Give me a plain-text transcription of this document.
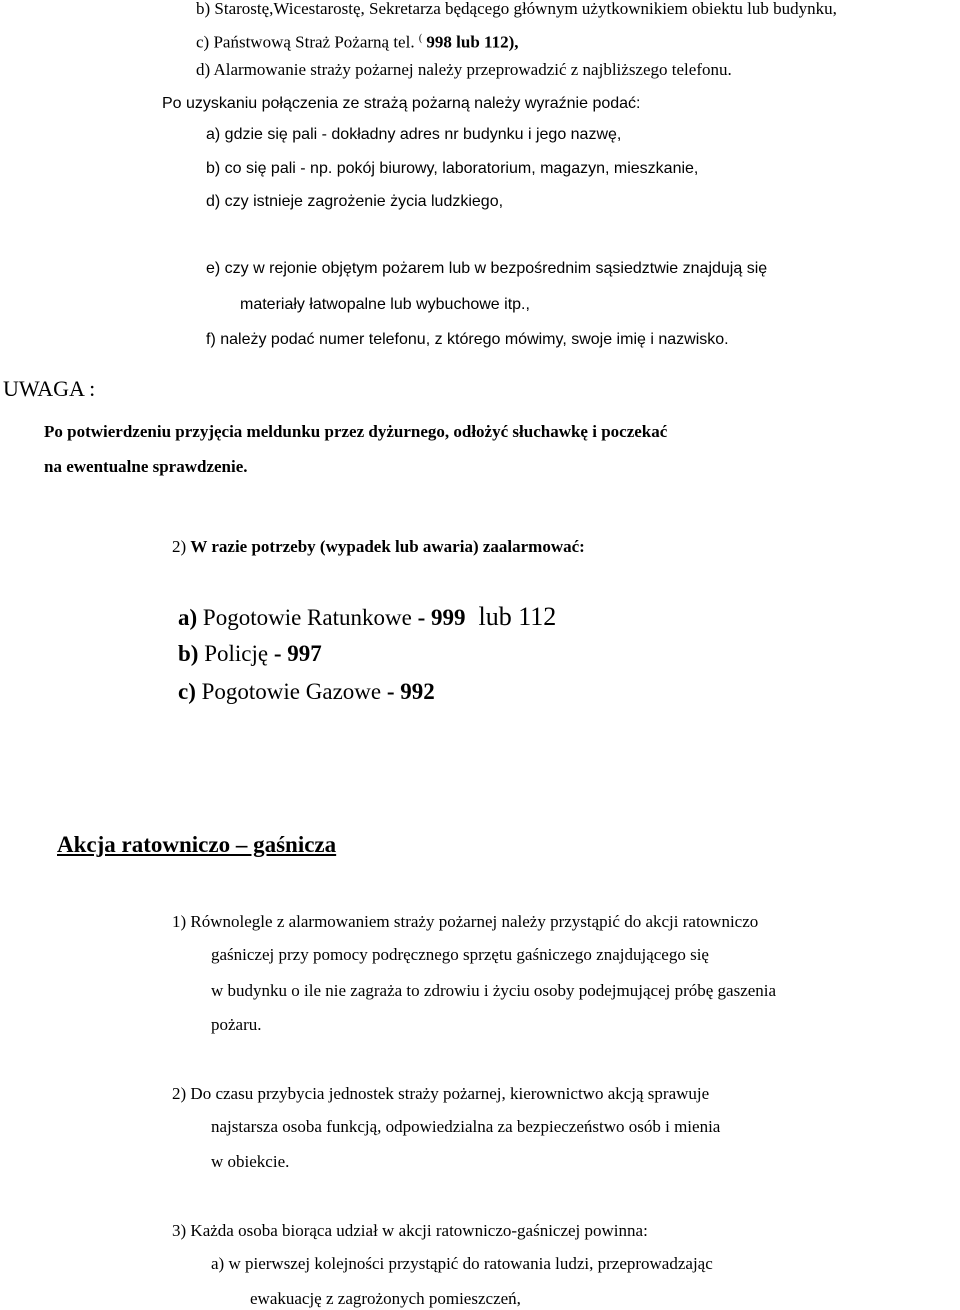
b) Starostę,Wicestarostę, Sekretarza będącego głównym użytkownikiem obiektu lub budynku,
c) Państwową Straż Pożarną tel. ( 998 lub 112),
d) Alarmowanie straży pożarnej należy przeprowadzić z najbliższego telefonu.
Po uzyskaniu połączenia ze strażą pożarną należy wyraźnie podać:
a) gdzie się pali - dokładny adres nr budynku i jego nazwę,
b) co się pali - np. pokój biurowy, laboratorium, magazyn, mieszkanie,
d) czy istnieje zagrożenie życia ludzkiego,
e) czy w rejonie objętym pożarem lub w bezpośrednim sąsiedztwie znajdują się
materiały łatwopalne lub wybuchowe itp.,
f) należy podać numer telefonu, z którego mówimy, swoje imię i nazwisko.
UWAGA :
Po potwierdzeniu przyjęcia meldunku przez dyżurnego, odłożyć słuchawkę i poczekać
na ewentualne sprawdzenie.
2) W razie potrzeby (wypadek lub awaria) zaalarmować:
a) Pogotowie Ratunkowe - 999 lub 112
b) Policję - 997
c) Pogotowie Gazowe - 992
Akcja ratowniczo – gaśnicza
1) Równolegle z alarmowaniem straży pożarnej należy przystąpić do akcji ratowniczo
gaśniczej przy pomocy podręcznego sprzętu gaśniczego znajdującego się
w budynku o ile nie zagraża to zdrowiu i życiu osoby podejmującej próbę gaszenia
pożaru.
2) Do czasu przybycia jednostek straży pożarnej, kierownictwo akcją sprawuje
najstarsza osoba funkcją, odpowiedzialna za bezpieczeństwo osób i mienia
w obiekcie.
3) Każda osoba biorąca udział w akcji ratowniczo-gaśniczej powinna:
a) w pierwszej kolejności przystąpić do ratowania ludzi, przeprowadzając
ewakuację z zagrożonych pomieszczeń,
